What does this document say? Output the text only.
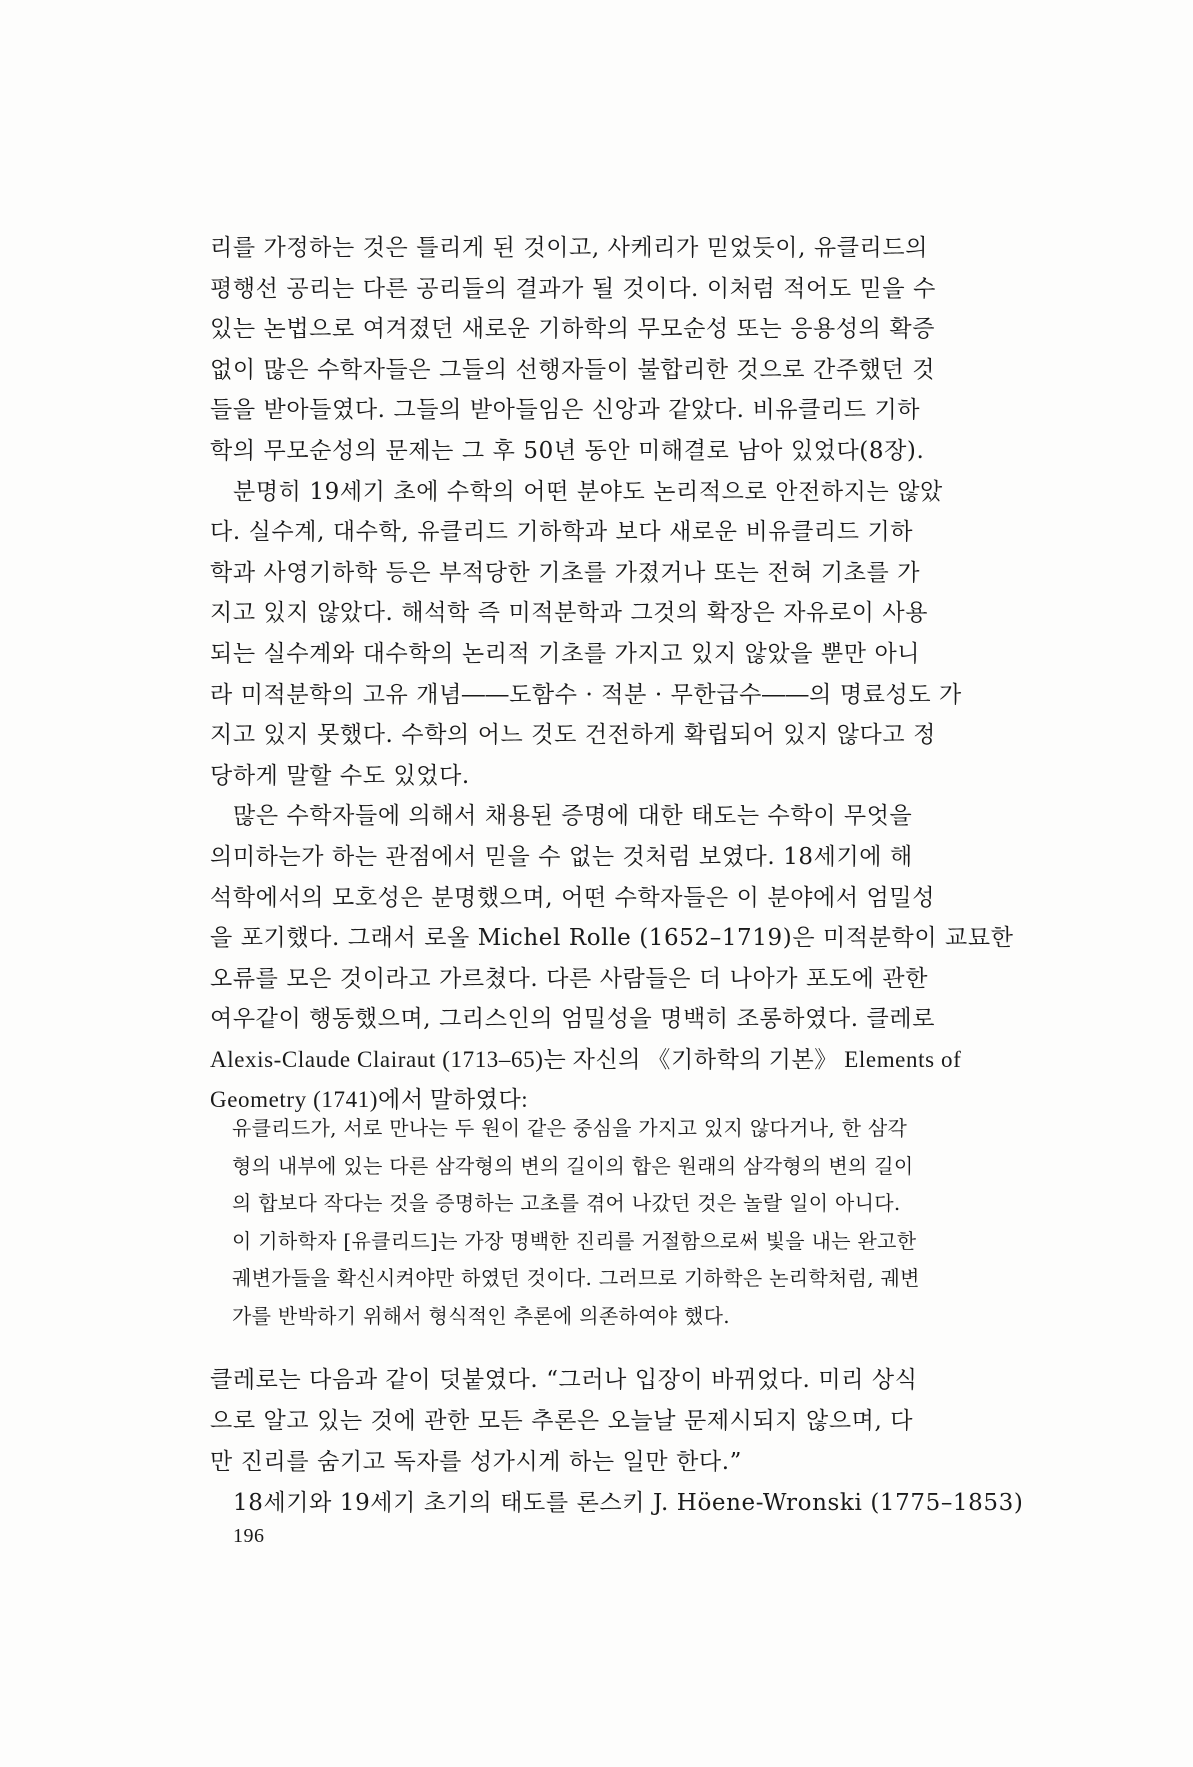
리를 가정하는 것은 틀리게 된 것이고, 사케리가 믿었듯이, 유클리드의
평행선 공리는 다른 공리들의 결과가 될 것이다. 이처럼 적어도 믿을 수
있는 논법으로 여겨졌던 새로운 기하학의 무모순성 또는 응용성의 확증
없이 많은 수학자들은 그들의 선행자들이 불합리한 것으로 간주했던 것
들을 받아들였다. 그들의 받아들임은 신앙과 같았다. 비유클리드 기하
학의 무모순성의 문제는 그 후 50년 동안 미해결로 남아 있었다(8장).
분명히 19세기 초에 수학의 어떤 분야도 논리적으로 안전하지는 않았
다. 실수계, 대수학, 유클리드 기하학과 보다 새로운 비유클리드 기하
학과 사영기하학 등은 부적당한 기초를 가졌거나 또는 전혀 기초를 가
지고 있지 않았다. 해석학 즉 미적분학과 그것의 확장은 자유로이 사용
되는 실수계와 대수학의 논리적 기초를 가지고 있지 않았을 뿐만 아니
라 미적분학의 고유 개념――도함수 · 적분 · 무한급수――의 명료성도 가
지고 있지 못했다. 수학의 어느 것도 건전하게 확립되어 있지 않다고 정
당하게 말할 수도 있었다.
많은 수학자들에 의해서 채용된 증명에 대한 태도는 수학이 무엇을
의미하는가 하는 관점에서 믿을 수 없는 것처럼 보였다. 18세기에 해
석학에서의 모호성은 분명했으며, 어떤 수학자들은 이 분야에서 엄밀성
을 포기했다. 그래서 로올 Michel Rolle (1652–1719)은 미적분학이 교묘한
오류를 모은 것이라고 가르쳤다. 다른 사람들은 더 나아가 포도에 관한
여우같이 행동했으며, 그리스인의 엄밀성을 명백히 조롱하였다. 클레로
Alexis-Claude Clairaut (1713–65)는 자신의 《기하학의 기본》 Elements of
Geometry (1741)에서 말하였다:
유클리드가, 서로 만나는 두 원이 같은 중심을 가지고 있지 않다거나, 한 삼각
형의 내부에 있는 다른 삼각형의 변의 길이의 합은 원래의 삼각형의 변의 길이
의 합보다 작다는 것을 증명하는 고초를 겪어 나갔던 것은 놀랄 일이 아니다.
이 기하학자 [유클리드]는 가장 명백한 진리를 거절함으로써 빛을 내는 완고한
궤변가들을 확신시켜야만 하였던 것이다. 그러므로 기하학은 논리학처럼, 궤변
가를 반박하기 위해서 형식적인 추론에 의존하여야 했다.
클레로는 다음과 같이 덧붙였다. “그러나 입장이 바뀌었다. 미리 상식
으로 알고 있는 것에 관한 모든 추론은 오늘날 문제시되지 않으며, 다
만 진리를 숨기고 독자를 성가시게 하는 일만 한다.”
18세기와 19세기 초기의 태도를 론스키 J. Höene-Wronski (1775–1853)
196
